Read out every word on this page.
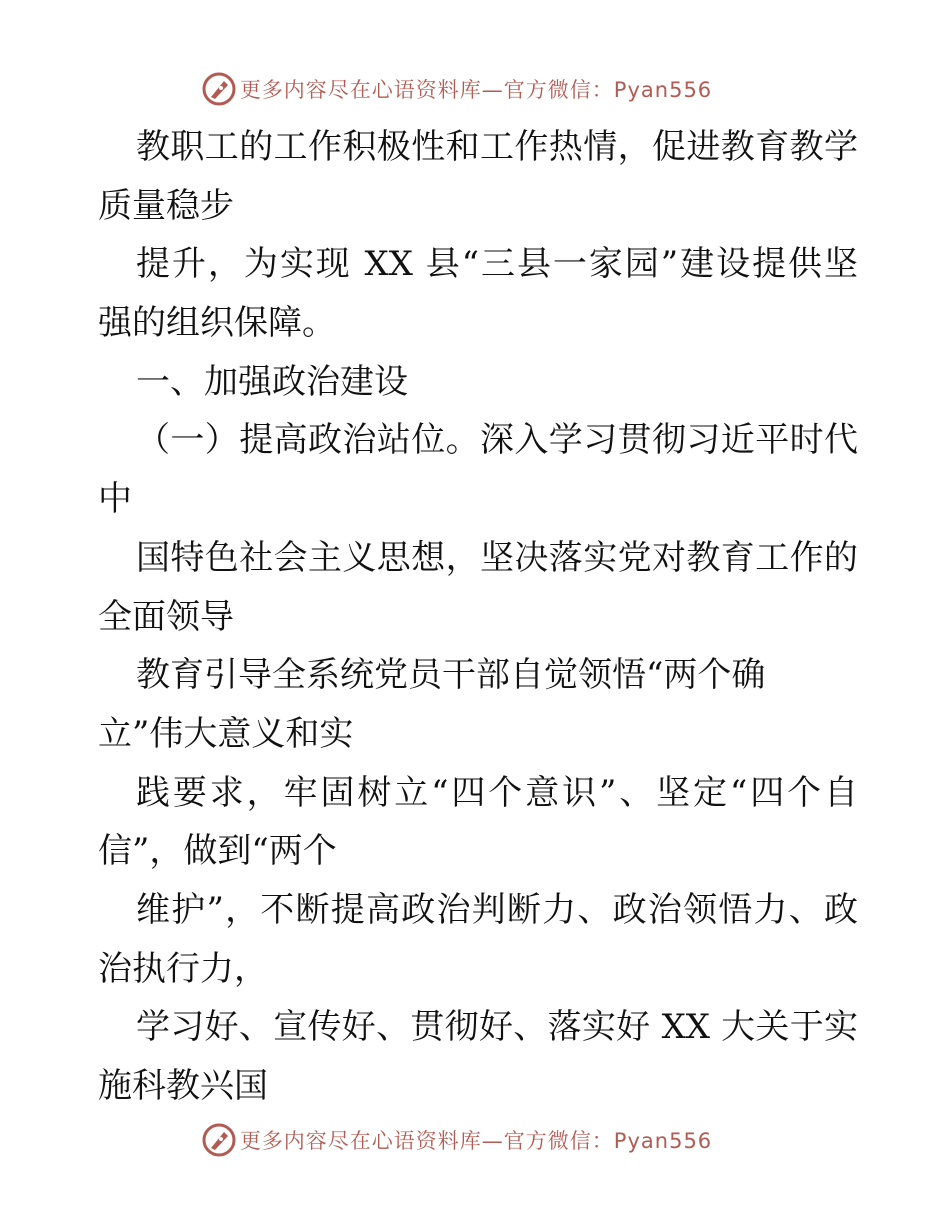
更多内容尽在心语资料库—官方微信：Pyan556
教职工的工作积极性和工作热情，促进教育教学
质量稳步
提升，为实现 XX 县“三县一家园”建设提供坚
强的组织保障。
一、加强政治建设
（一）提高政治站位。深入学习贯彻习近平时代
中
国特色社会主义思想，坚决落实党对教育工作的
全面领导
教育引导全系统党员干部自觉领悟“两个确
立”伟大意义和实
践要求，牢固树立“四个意识”、坚定“四个自
信”，做到“两个
维护”，不断提高政治判断力、政治领悟力、政
治执行力，
学习好、宣传好、贯彻好、落实好 XX 大关于实
施科教兴国
更多内容尽在心语资料库—官方微信：Pyan556
